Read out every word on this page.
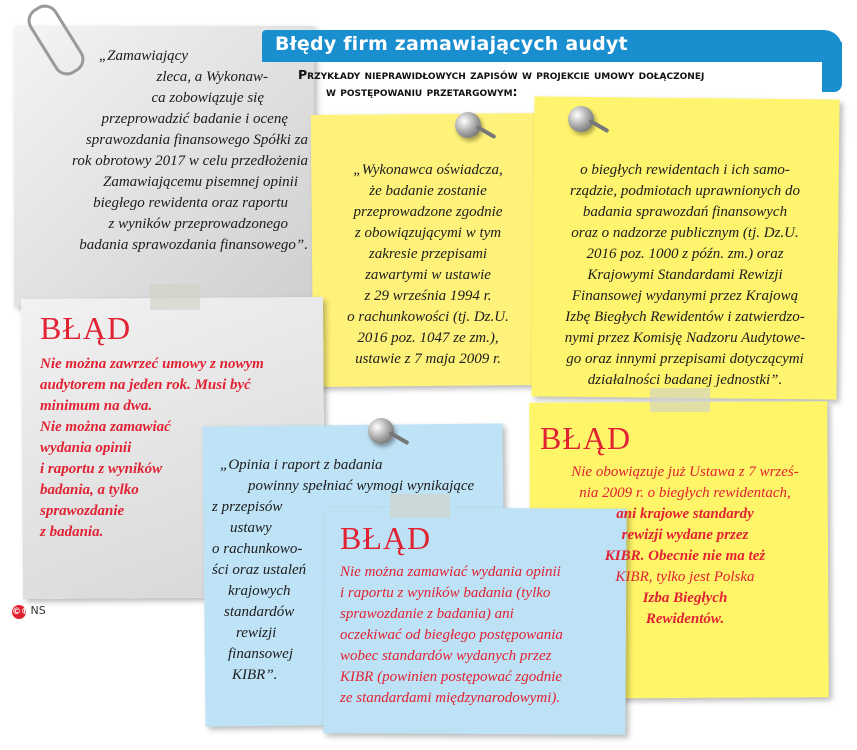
Błędy firm zamawiających audyt
Przykłady nieprawidłowych zapisów w projekcie umowy dołączonej
w postępowaniu przetargowym:
„Zamawiający
zleca, a Wykonaw-
ca zobowiązuje się
przeprowadzić badanie i ocenę
sprawozdania finansowego Spółki za
rok obrotowy 2017 w celu przedłożenia
Zamawiającemu pisemnej opinii
biegłego rewidenta oraz raportu
z wyników przeprowadzonego
badania sprawozdania finansowego”.
„Wykonawca oświadcza,
że badanie zostanie
przeprowadzone zgodnie
z obowiązującymi w tym
zakresie przepisami
zawartymi w ustawie
z 29 września 1994 r.
o rachunkowości (tj. Dz.U.
2016 poz. 1047 ze zm.),
ustawie z 7 maja 2009 r.
o biegłych rewidentach i ich samo-
rządzie, podmiotach uprawnionych do
badania sprawozdań finansowych
oraz o nadzorze publicznym (tj. Dz.U.
2016 poz. 1000 z późn. zm.) oraz
Krajowymi Standardami Rewizji
Finansowej wydanymi przez Krajową
Izbę Biegłych Rewidentów i zatwierdzo-
nymi przez Komisję Nadzoru Audytowe-
go oraz innymi przepisami dotyczącymi
działalności badanej jednostki”.
„Opinia i raport z badania
powinny spełniać wymogi wynikające
z przepisów
ustawy
o rachunkowo-
ści oraz ustaleń
krajowych
standardów
rewizji
finansowej
KIBR”.
BŁĄD
Nie można zawrzeć umowy z nowym
audytorem na jeden rok. Musi być
minimum na dwa.
Nie można zamawiać
wydania opinii
i raportu z wyników
badania, a tylko
sprawozdanie
z badania.	BŁĄD
Nie można zamawiać wydania opinii
i raportu z wyników badania (tylko
sprawozdanie z badania) ani
oczekiwać od biegłego postępowania
wobec standardów wydanych przez
KIBR (powinien postępować zgodnie
ze standardami międzynarodowymi).
BŁĄD
Nie obowiązuje już Ustawa z 7 wrześ-
nia 2009 r. o biegłych rewidentach,
ani krajowe standardy
rewizji wydane przez
KIBR. Obecnie nie ma też
KIBR, tylko jest Polska
Izba Biegłych
Rewidentów.
©℗ NS
